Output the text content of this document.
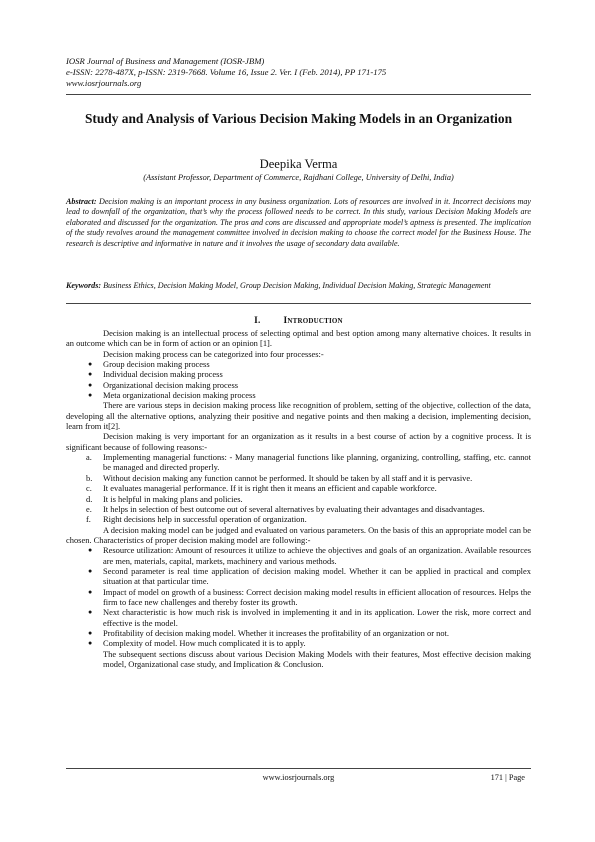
IOSR Journal of Business and Management (IOSR-JBM)
e-ISSN: 2278-487X, p-ISSN: 2319-7668. Volume 16, Issue 2. Ver. I (Feb. 2014), PP 171-175
www.iosrjournals.org
Study and Analysis of Various Decision Making Models in an Organization
Deepika Verma
(Assistant Professor, Department of Commerce, Rajdhani College, University of Delhi, India)
Abstract: Decision making is an important process in any business organization. Lots of resources are involved in it. Incorrect decisions may lead to downfall of the organization, that’s why the process followed needs to be correct. In this study, various Decision Making Models are elaborated and discussed for the organization. The pros and cons are discussed and appropriate model’s aptness is presented. The implication of the study revolves around the management committee involved in decision making to choose the correct model for the Business House. The research is descriptive and informative in nature and it involves the usage of secondary data available.
Keywords: Business Ethics, Decision Making Model, Group Decision Making, Individual Decision Making, Strategic Management
I. Introduction

Decision making is an intellectual process of selecting optimal and best option among many alternative choices. It results in an outcome which can be in form of action or an opinion [1].

Decision making process can be categorized into four processes:-

● Group decision making process
● Individual decision making process
● Organizational decision making process
● Meta organizational decision making process

There are various steps in decision making process like recognition of problem, setting of the objective, collection of the data, developing all the alternative options, analyzing their positive and negative points and then making a decision, implementing decision, learn from it[2].

Decision making is very important for an organization as it results in a best course of action by a cognitive process. It is significant because of following reasons:-

a. Implementing managerial functions: - Many managerial functions like planning, organizing, controlling, staffing, etc. cannot be managed and directed properly.
b. Without decision making any function cannot be performed. It should be taken by all staff and it is pervasive.
c. It evaluates managerial performance. If it is right then it means an efficient and capable workforce.
d. It is helpful in making plans and policies.
e. It helps in selection of best outcome out of several alternatives by evaluating their advantages and disadvantages.
f. Right decisions help in successful operation of organization.

A decision making model can be judged and evaluated on various parameters. On the basis of this an appropriate model can be chosen. Characteristics of proper decision making model are following:-

● Resource utilization: Amount of resources it utilize to achieve the objectives and goals of an organization. Available resources are men, materials, capital, markets, machinery and various methods.
● Second parameter is real time application of decision making model. Whether it can be applied in practical and complex situation at that particular time.
● Impact of model on growth of a business: Correct decision making model results in efficient allocation of resources. Helps the firm to face new challenges and thereby foster its growth.
● Next characteristic is how much risk is involved in implementing it and in its application. Lower the risk, more correct and effective is the model.
● Profitability of decision making model. Whether it increases the profitability of an organization or not.
● Complexity of model. How much complicated it is to apply.

The subsequent sections discuss about various Decision Making Models with their features, Most effective decision making model, Organizational case study, and Implication & Conclusion.

www.iosrjournals.org	171 | Page
